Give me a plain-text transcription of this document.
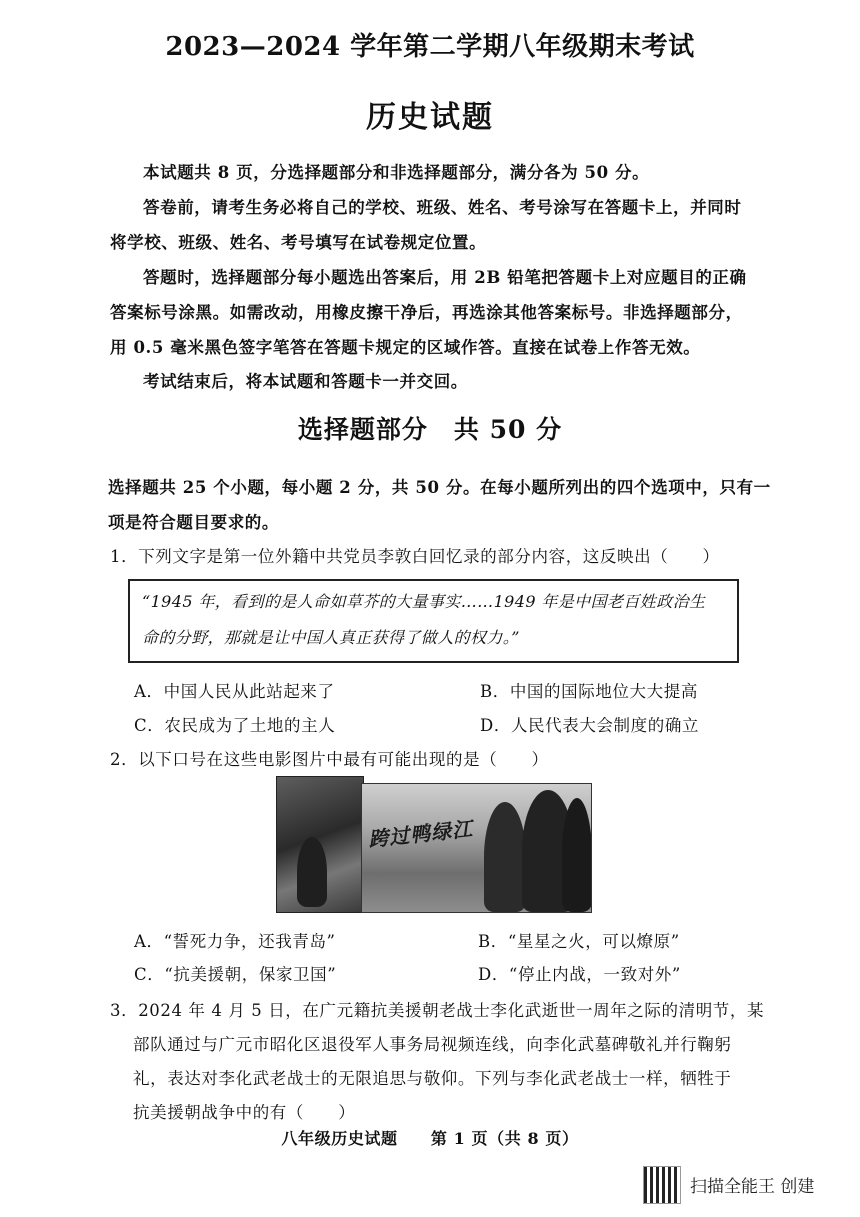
2023—2024 学年第二学期八年级期末考试
历史试题
本试题共 8 页，分选择题部分和非选择题部分，满分各为 50 分。
答卷前，请考生务必将自己的学校、班级、姓名、考号涂写在答题卡上，并同时
将学校、班级、姓名、考号填写在试卷规定位置。
答题时，选择题部分每小题选出答案后，用 2B 铅笔把答题卡上对应题目的正确
答案标号涂黑。如需改动，用橡皮擦干净后，再选涂其他答案标号。非选择题部分，
用 0.5 毫米黑色签字笔答在答题卡规定的区域作答。直接在试卷上作答无效。
考试结束后，将本试题和答题卡一并交回。
选择题部分　共 50 分
选择题共 25 个小题，每小题 2 分，共 50 分。在每小题所列出的四个选项中，只有一
项是符合题目要求的。
1．下列文字是第一位外籍中共党员李敦白回忆录的部分内容，这反映出（　　）
“1945 年，看到的是人命如草芥的大量事实……1949 年是中国老百姓政治生
命的分野，那就是让中国人真正获得了做人的权力。”
A．中国人民从此站起来了	B．中国的国际地位大大提高
C．农民成为了土地的主人	D．人民代表大会制度的确立
2．以下口号在这些电影图片中最有可能出现的是（　　）
跨过鸭绿江
A．“誓死力争，还我青岛”	B．“星星之火，可以燎原”
C．“抗美援朝，保家卫国”	D．“停止内战，一致对外”
3．2024 年 4 月 5 日，在广元籍抗美援朝老战士李化武逝世一周年之际的清明节，某
部队通过与广元市昭化区退役军人事务局视频连线，向李化武墓碑敬礼并行鞠躬
礼，表达对李化武老战士的无限追思与敬仰。下列与李化武老战士一样，牺牲于
抗美援朝战争中的有（　　）
八年级历史试题　　第 1 页（共 8 页）
扫描全能王 创建
